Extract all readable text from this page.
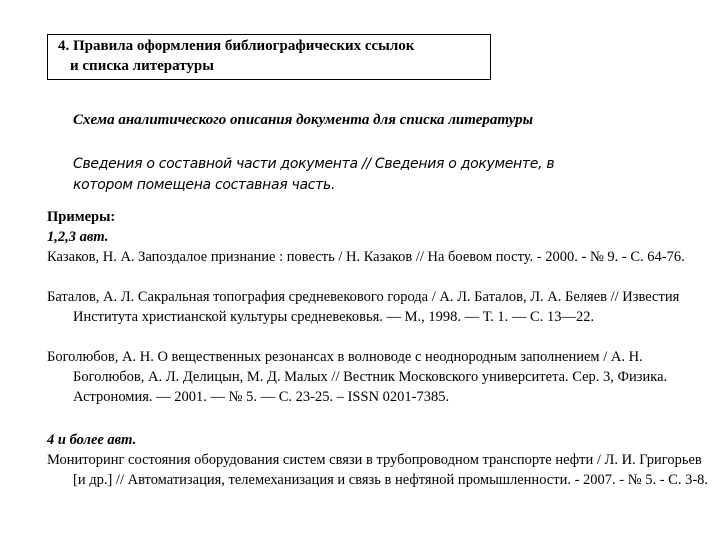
4. Правила оформления библиографических ссылок
и списка литературы
Схема аналитического описания документа для списка литературы
Сведения о составной части документа // Сведения о документе, в
котором помещена составная часть.
Примеры:
1,2,3 авт.
Казаков, Н. А. Запоздалое признание : повесть / Н. Казаков // На боевом посту. - 2000. - № 9. - С. 64-76.
Баталов, А. Л. Сакральная топография средневекового города / А. Л. Баталов, Л. А. Беляев // Известия Института христианской культуры средневековья. — М., 1998. — Т. 1. — С. 13—22.
Боголюбов, А. Н. О вещественных резонансах в волноводе с неоднородным заполнением / А. Н. Боголюбов, А. Л. Делицын, М. Д. Малых // Вестник Московского университета. Сер. 3, Физика. Астрономия. — 2001. — № 5. — С. 23-25. – ISSN 0201-7385.
4 и более авт.
Мониторинг состояния оборудования систем связи в трубопроводном транспорте нефти / Л. И. Григорьев [и др.] // Автоматизация, телемеханизация и связь в нефтяной промышленности. - 2007. - № 5. - С. 3-8.
